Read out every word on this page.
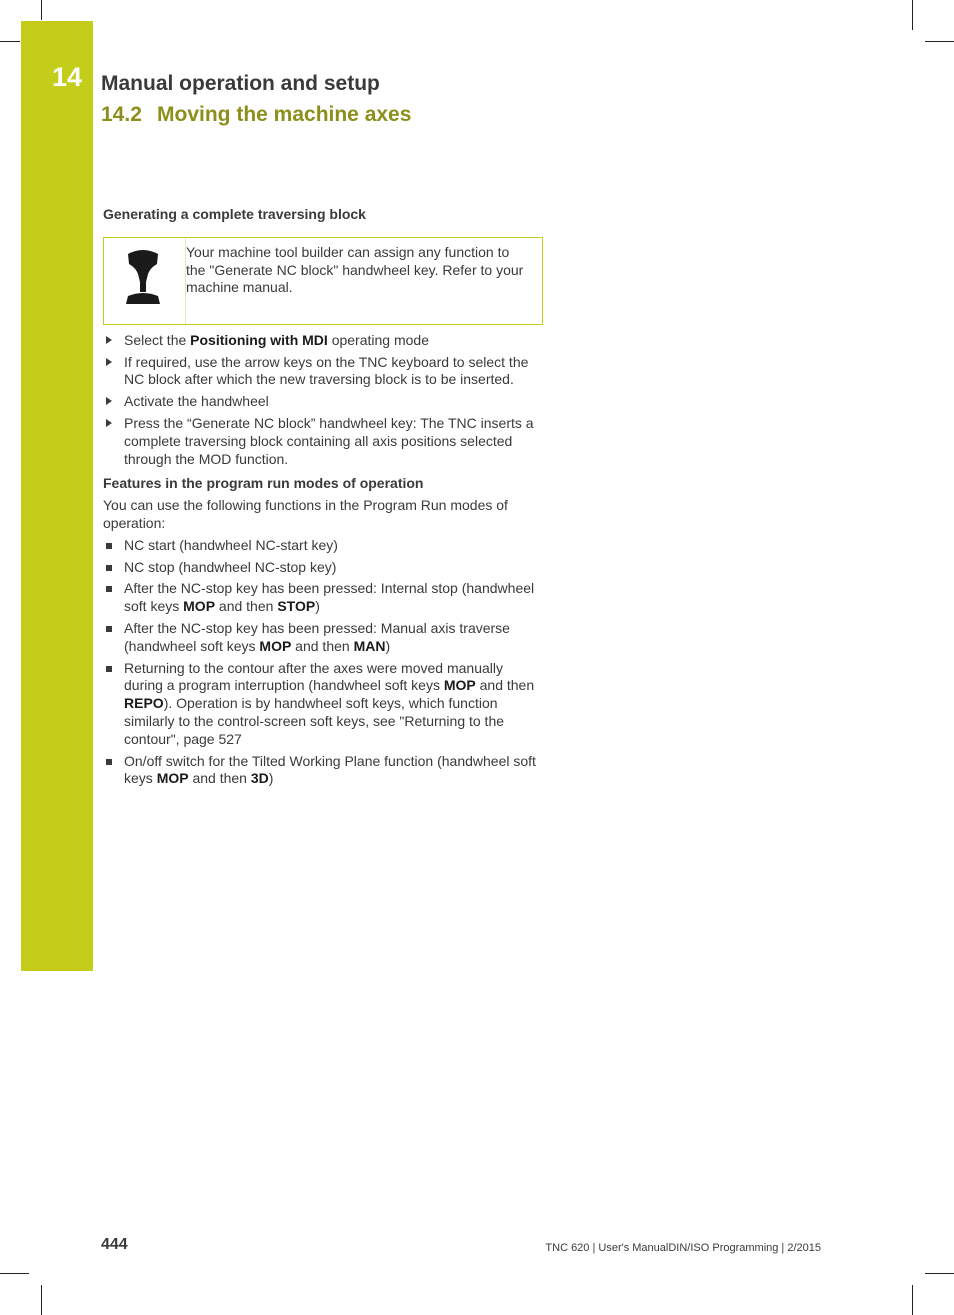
14 Manual operation and setup
14.2 Moving the machine axes
Generating a complete traversing block
Your machine tool builder can assign any function to the "Generate NC block" handwheel key. Refer to your machine manual.
Select the Positioning with MDI operating mode
If required, use the arrow keys on the TNC keyboard to select the NC block after which the new traversing block is to be inserted.
Activate the handwheel
Press the “Generate NC block” handwheel key: The TNC inserts a complete traversing block containing all axis positions selected through the MOD function.
Features in the program run modes of operation
You can use the following functions in the Program Run modes of operation:
NC start (handwheel NC-start key)
NC stop (handwheel NC-stop key)
After the NC-stop key has been pressed: Internal stop (handwheel soft keys MOP and then STOP)
After the NC-stop key has been pressed: Manual axis traverse (handwheel soft keys MOP and then MAN)
Returning to the contour after the axes were moved manually during a program interruption (handwheel soft keys MOP and then REPO). Operation is by handwheel soft keys, which function similarly to the control-screen soft keys, see "Returning to the contour", page 527
On/off switch for the Tilted Working Plane function (handwheel soft keys MOP and then 3D)
444	TNC 620 | User's ManualDIN/ISO Programming | 2/2015
